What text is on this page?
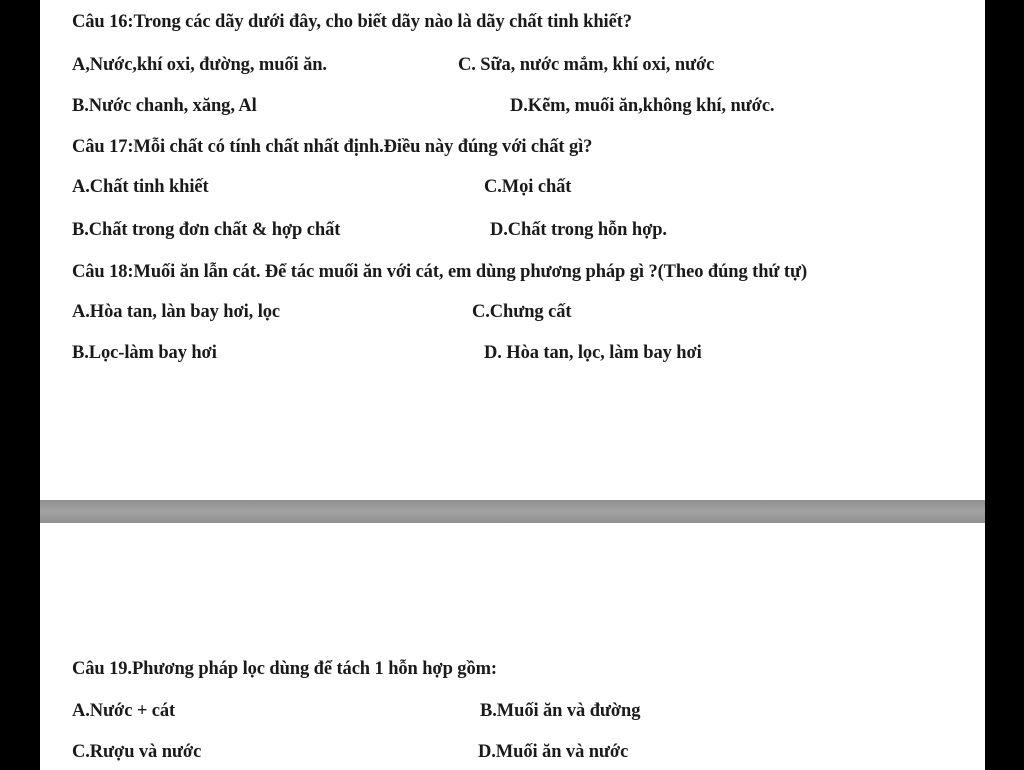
Câu 16:Trong các dãy dưới đây, cho biết dãy nào là dãy chất tinh khiết?
A,Nước,khí oxi, đường, muối ăn.	C. Sữa, nước mắm, khí oxi, nước
B.Nước chanh, xăng, Al	D.Kẽm, muối ăn,không khí, nước.
Câu 17:Mỗi chất có tính chất nhất định.Điều này đúng với chất gì?
A.Chất tinh khiết	C.Mọi chất
B.Chất trong đơn chất & hợp chất	D.Chất trong hỗn hợp.
Câu 18:Muối ăn lẫn cát. Để tác muối ăn với cát, em dùng phương pháp gì ?(Theo đúng thứ tự)
A.Hòa tan, làn bay hơi, lọc	C.Chưng cất
B.Lọc-làm bay hơi	D. Hòa tan, lọc, làm bay hơi
Câu 19.Phương pháp lọc dùng để tách 1 hỗn hợp gồm:
A.Nước + cát	B.Muối ăn và đường
C.Rượu và nước	D.Muối ăn và nước
